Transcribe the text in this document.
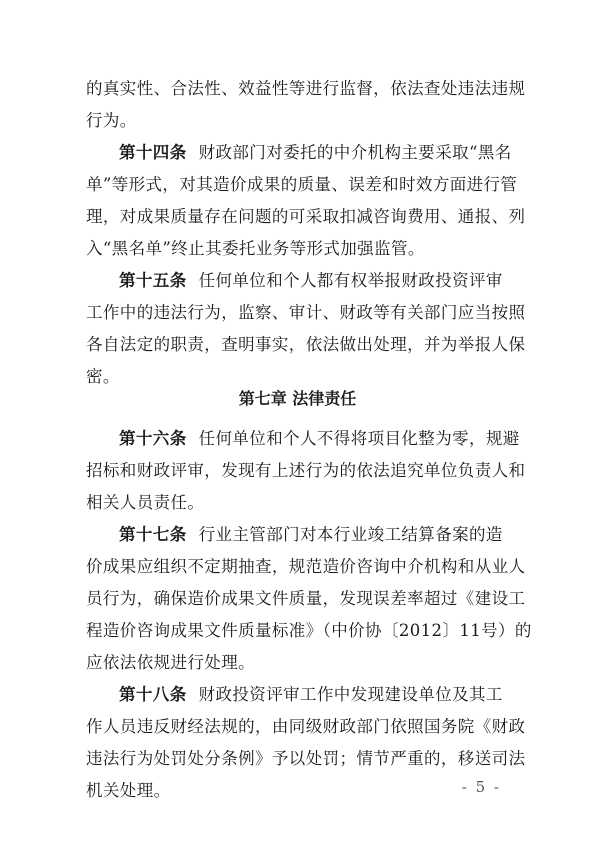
的真实性、合法性、效益性等进行监督，依法查处违法违规
行为。
第十四条 财政部门对委托的中介机构主要采取“黑名
单”等形式，对其造价成果的质量、误差和时效方面进行管
理，对成果质量存在问题的可采取扣减咨询费用、通报、列
入“黑名单”终止其委托业务等形式加强监管。
第十五条 任何单位和个人都有权举报财政投资评审
工作中的违法行为，监察、审计、财政等有关部门应当按照
各自法定的职责，查明事实，依法做出处理，并为举报人保
密。
第七章 法律责任
第十六条 任何单位和个人不得将项目化整为零，规避
招标和财政评审，发现有上述行为的依法追究单位负责人和
相关人员责任。
第十七条 行业主管部门对本行业竣工结算备案的造
价成果应组织不定期抽查，规范造价咨询中介机构和从业人
员行为，确保造价成果文件质量，发现误差率超过《建设工
程造价咨询成果文件质量标准》（中价协〔2012〕11号）的
应依法依规进行处理。
第十八条 财政投资评审工作中发现建设单位及其工
作人员违反财经法规的，由同级财政部门依照国务院《财政
违法行为处罚处分条例》予以处罚；情节严重的，移送司法
机关处理。	- 5 -
